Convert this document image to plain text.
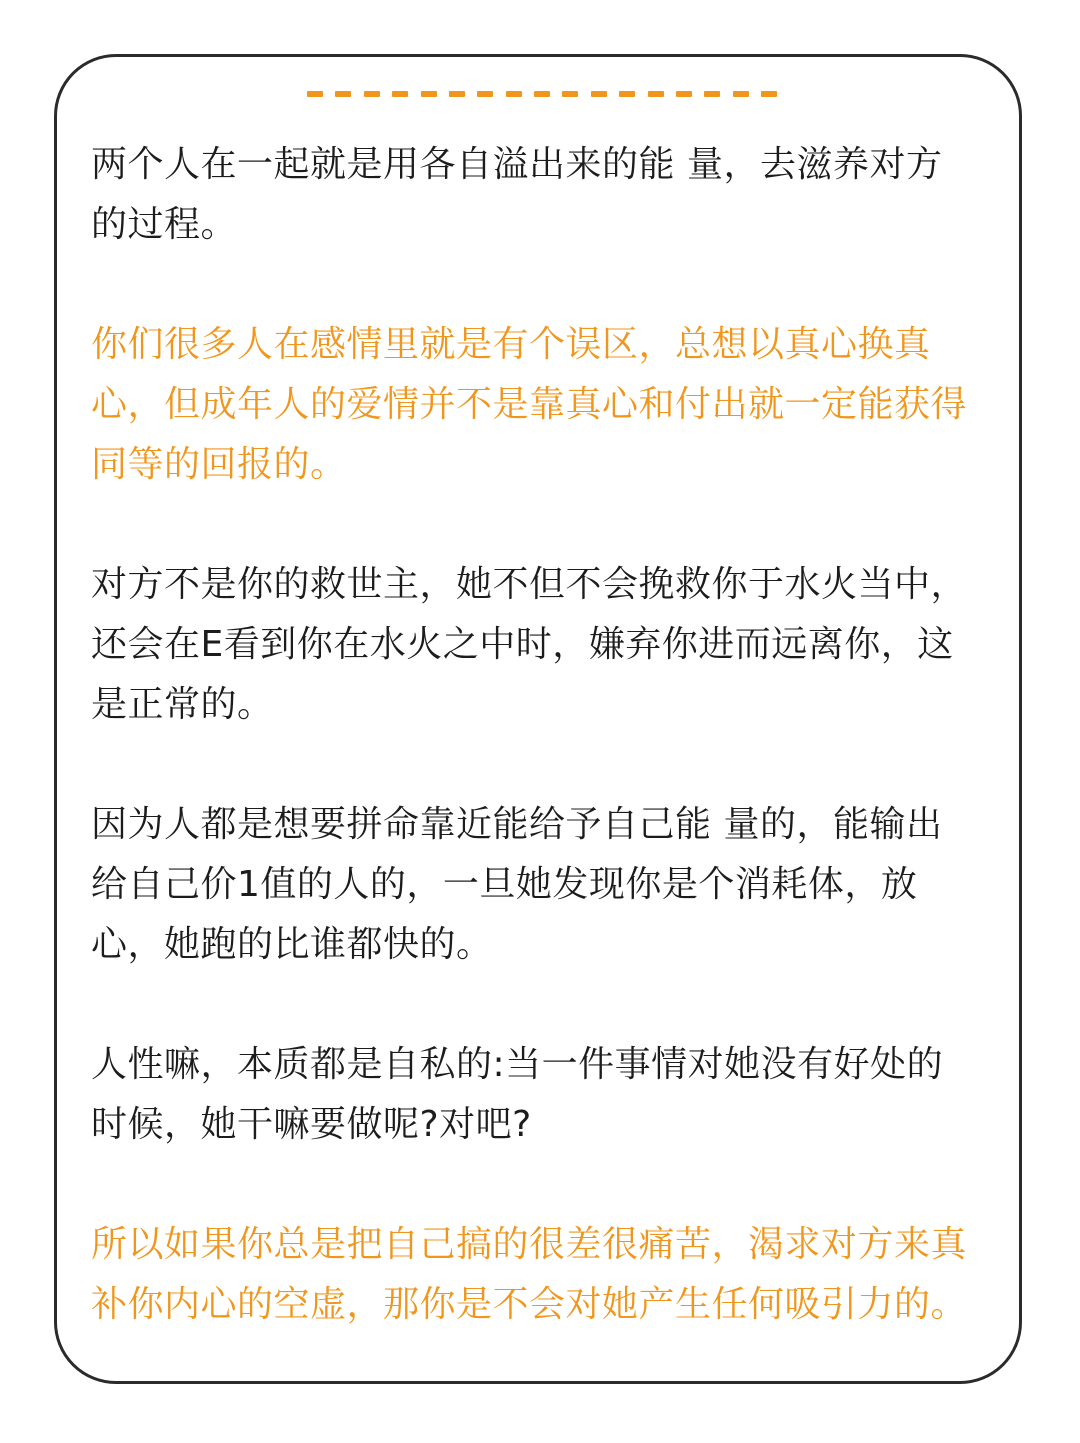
两个人在一起就是用各自溢出来的能 量，去滋养对方
的过程。

你们很多人在感情里就是有个误区，总想以真心换真
心，但成年人的爱情并不是靠真心和付出就一定能获得
同等的回报的。

对方不是你的救世主，她不但不会挽救你于水火当中，
还会在E看到你在水火之中时，嫌弃你进而远离你，这
是正常的。

因为人都是想要拼命靠近能给予自己能 量的，能输出
给自己价1值的人的，一旦她发现你是个消耗体，放
心，她跑的比谁都快的。

人性嘛，本质都是自私的:当一件事情对她没有好处的
时候，她干嘛要做呢?对吧?

所以如果你总是把自己搞的很差很痛苦，渴求对方来真
补你内心的空虚，那你是不会对她产生任何吸引力的。
